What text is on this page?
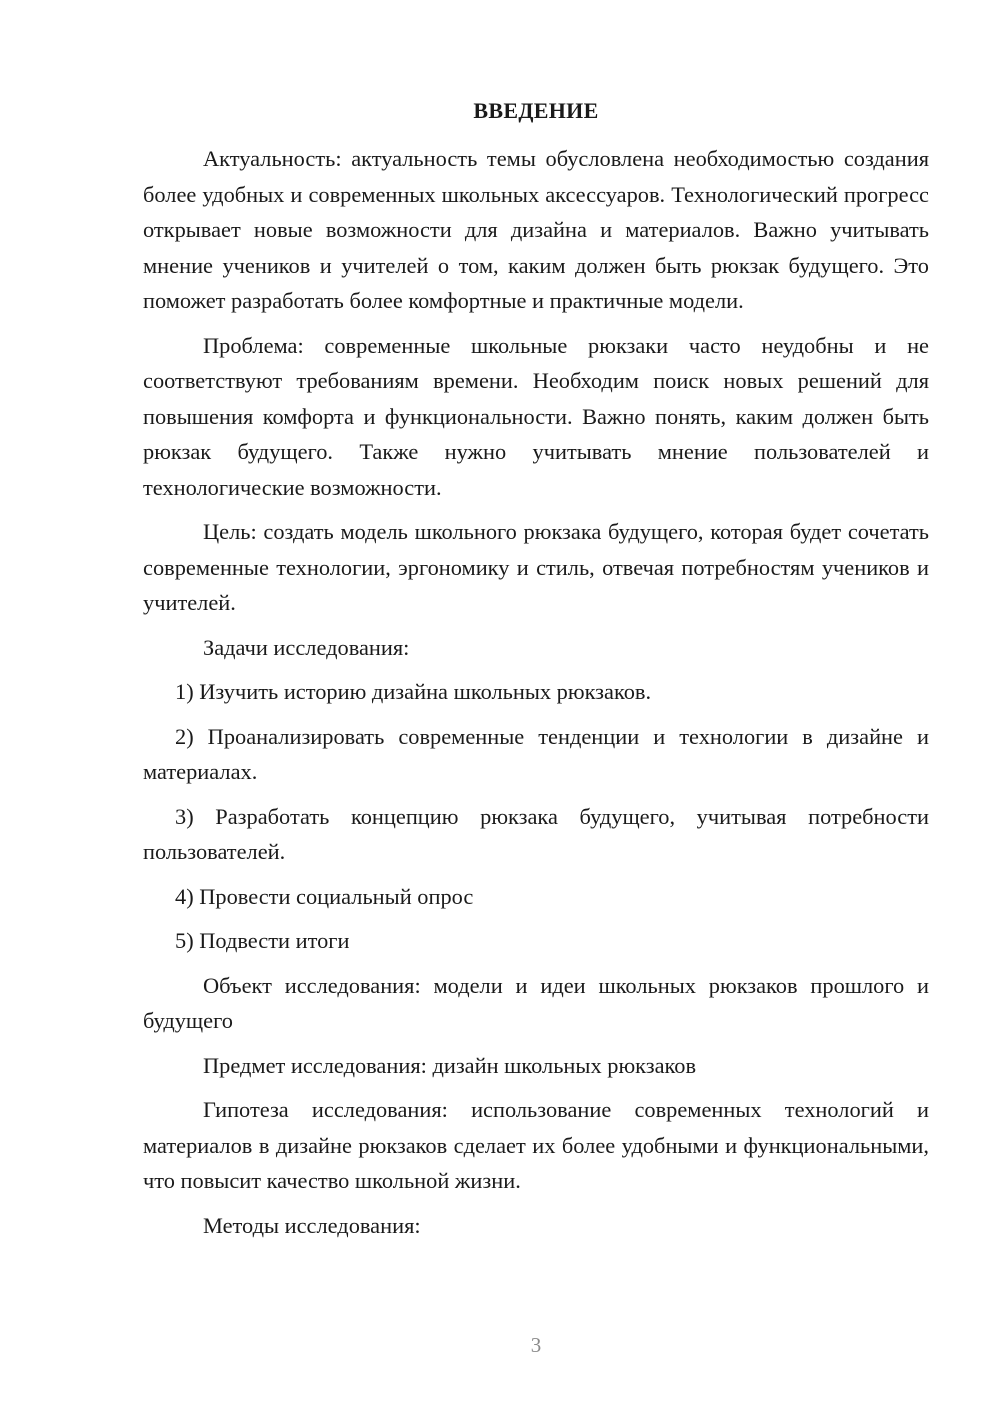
ВВЕДЕНИЕ

Актуальность: актуальность темы обусловлена необходимостью создания более удобных и современных школьных аксессуаров. Технологический прогресс открывает новые возможности для дизайна и материалов. Важно учитывать мнение учеников и учителей о том, каким должен быть рюкзак будущего. Это поможет разработать более комфортные и практичные модели.

Проблема: современные школьные рюкзаки часто неудобны и не соответствуют требованиям времени. Необходим поиск новых решений для повышения комфорта и функциональности. Важно понять, каким должен быть рюкзак будущего. Также нужно учитывать мнение пользователей и технологические возможности.

Цель: создать модель школьного рюкзака будущего, которая будет сочетать современные технологии, эргономику и стиль, отвечая потребностям учеников и учителей.

Задачи исследования:

1) Изучить историю дизайна школьных рюкзаков.

2) Проанализировать современные тенденции и технологии в дизайне и материалах.

3) Разработать концепцию рюкзака будущего, учитывая потребности пользователей.

4) Провести социальный опрос

5) Подвести итоги

Объект исследования: модели и идеи школьных рюкзаков прошлого и будущего

Предмет исследования: дизайн школьных рюкзаков

Гипотеза исследования: использование современных технологий и материалов в дизайне рюкзаков сделает их более удобными и функциональными, что повысит качество школьной жизни.

Методы исследования:

3
